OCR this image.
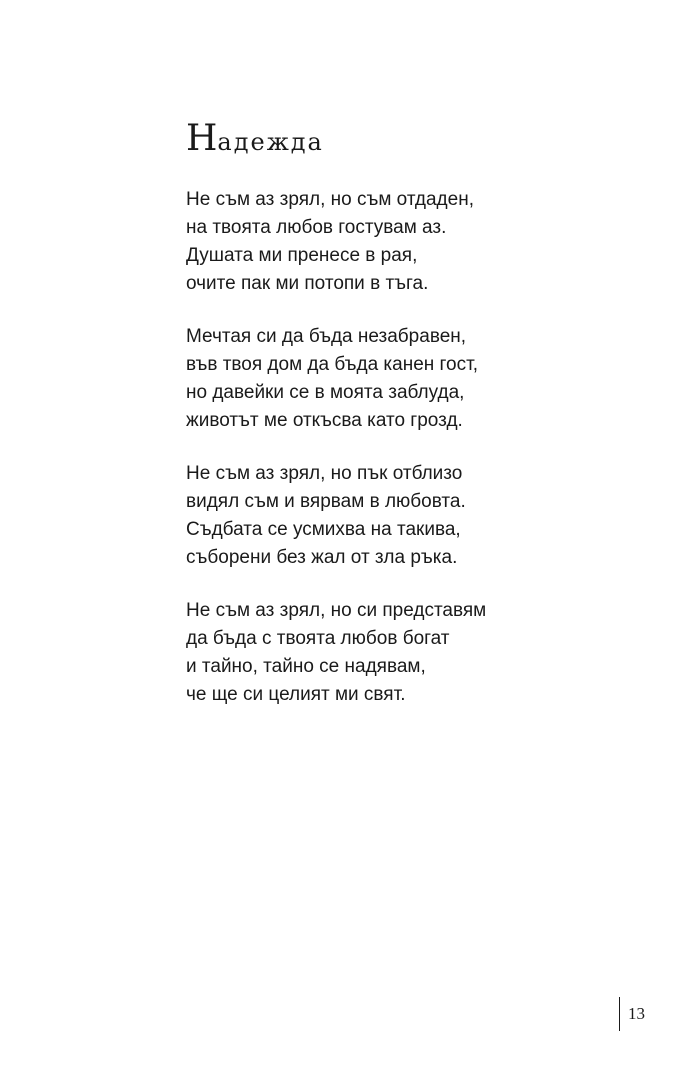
Надежда

Не съм аз зрял, но съм отдаден,
на твоята любов гостувам аз.
Душата ми пренесе в рая,
очите пак ми потопи в тъга.

Мечтая си да бъда незабравен,
във твоя дом да бъда канен гост,
но давейки се в моята заблуда,
животът ме откъсва като грозд.

Не съм аз зрял, но пък отблизо
видял съм и вярвам в любовта.
Съдбата се усмихва на такива,
съборени без жал от зла ръка.

Не съм аз зрял, но си представям
да бъда с твоята любов богат
и тайно, тайно се надявам,
че ще си целият ми свят.

13
